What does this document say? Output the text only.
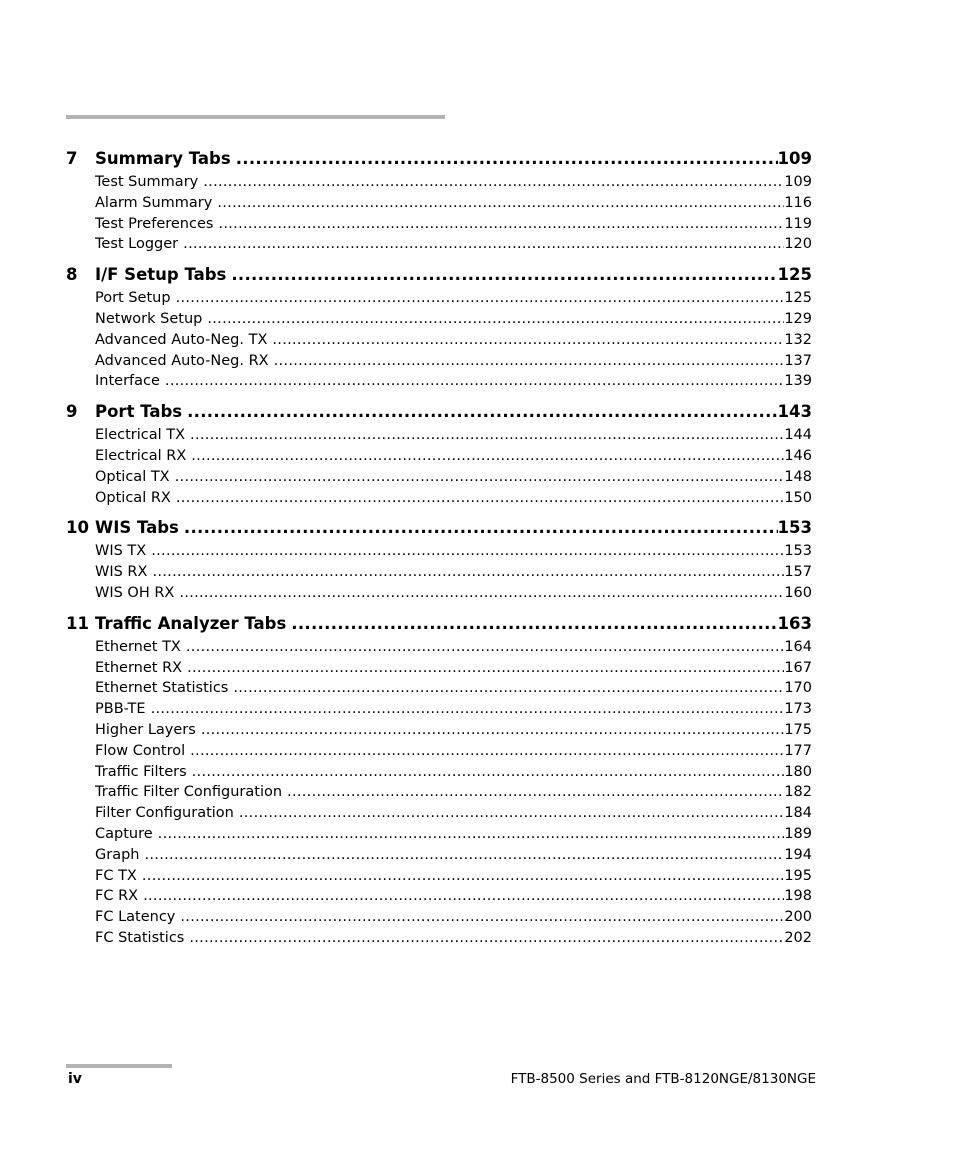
7	Summary Tabs .....	109
Test Summary .....	109
Alarm Summary .....	116
Test Preferences .....	119
Test Logger .....	120
8	I/F Setup Tabs .....	125
Port Setup .....	125
Network Setup .....	129
Advanced Auto-Neg. TX .....	132
Advanced Auto-Neg. RX .....	137
Interface .....	139
9	Port Tabs .....	143
Electrical TX .....	144
Electrical RX .....	146
Optical TX .....	148
Optical RX .....	150
10 WIS Tabs .....	153
WIS TX .....	153
WIS RX .....	157
WIS OH RX .....	160
11 Traffic Analyzer Tabs .....	163
Ethernet TX .....	164
Ethernet RX .....	167
Ethernet Statistics .....	170
PBB-TE .....	173
Higher Layers .....	175
Flow Control .....	177
Traffic Filters .....	180
Traffic Filter Configuration .....	182
Filter Configuration .....	184
Capture .....	189
Graph .....	194
FC TX .....	195
FC RX .....	198
FC Latency .....	200
FC Statistics .....	202
iv	FTB-8500 Series and FTB-8120NGE/8130NGE
